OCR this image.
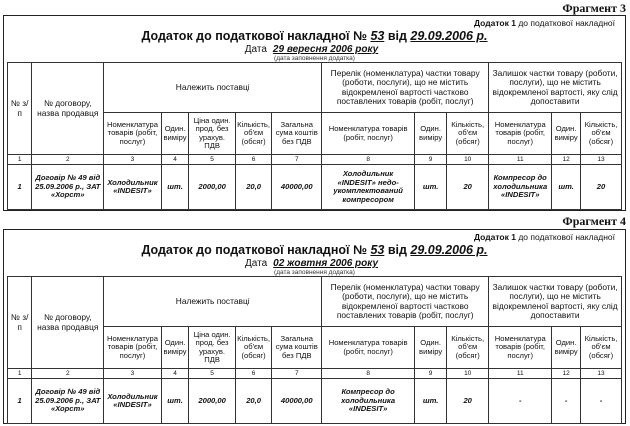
Фрагмент 3
Додаток 1 до податкової накладної
Додаток до податкової накладної № 53 від 29.09.2006 р.
Дата 29 вересня 2006 року
(дата заповнення додатка)
№ з/п	№ договору, назва продавця	Належить поставці					Перелік (номенклатура) частки товару (роботи, послуги), що не містить відокремленої вартості частково поставлених товарів (робіт, послуг)			Залишок частки товару (роботи, послуги), що не містить відокремленої вартості, яку слід допоставити		
		Номенклатура товарів (робіт, послуг)	Один. виміру	Ціна один. прод. без урахув. ПДВ	Кількість, об'єм (обсяг)	Загальна сума коштів без ПДВ	Номенклатура товарів (робіт, послуг)	Один. виміру	Кількість, об'єм (обсяг)	Номенклатура товарів (робіт, послуг)	Один. виміру	Кількість, об'єм (обсяг)
1	2	3	4	5	6	7	8	9	10	11	12	13
1	Договір № 49 від 25.09.2006 р., ЗАТ «Хорст»	Холодильник «INDESIT»	шт.	2000,00	20,0	40000,00	Холодильник «INDESIT» недоукомплектований компресором	шт.	20	Компресор до холодильника «INDESIT»	шт.	20
Фрагмент 4
Додаток 1 до податкової накладної
Додаток до податкової накладної № 53 від 29.09.2006 р.
Дата 02 жовтня 2006 року
(дата заповнення додатка)
№ з/п	№ договору, назва продавця	Належить поставці					Перелік (номенклатура) частки товару (роботи, послуги), що не містить відокремленої вартості частково поставлених товарів (робіт, послуг)			Залишок частки товару (роботи, послуги), що не містить відокремленої вартості, яку слід допоставити		
		Номенклатура товарів (робіт, послуг)	Один. виміру	Ціна один. прод. без урахув. ПДВ	Кількість, об'єм (обсяг)	Загальна сума коштів без ПДВ	Номенклатура товарів (робіт, послуг)	Один. виміру	Кількість, об'єм (обсяг)	Номенклатура товарів (робіт, послуг)	Один. виміру	Кількість, об'єм (обсяг)
1	2	3	4	5	6	7	8	9	10	11	12	13
1	Договір № 49 від 25.09.2006 р., ЗАТ «Хорст»	Холодильник «INDESIT»	шт.	2000,00	20,0	40000,00	Компресор до холодильника «INDESIT»	шт.	20	-	-	-
